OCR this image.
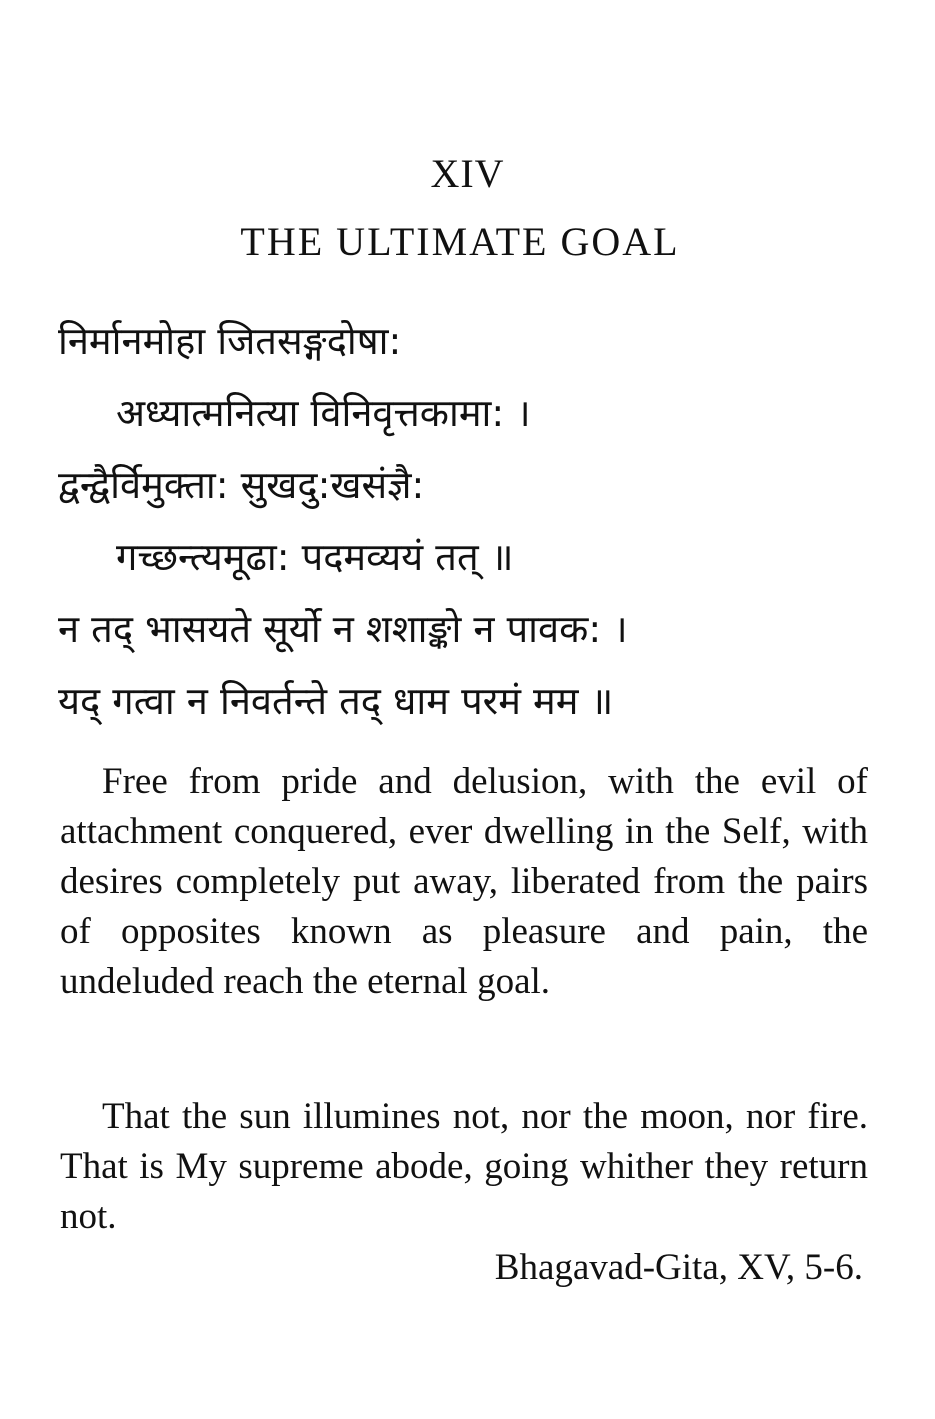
XIV
THE ULTIMATE GOAL
निर्मानमोहा जितसङ्गदोषा:
अध्यात्मनित्या विनिवृत्तकामा: ।
द्वन्द्वैर्विमुक्ता: सुखदु:खसंज्ञै:
गच्छन्त्यमूढा: पदमव्ययं तत् ॥
न तद् भासयते सूर्यो न शशाङ्को न पावक: ।
यद् गत्वा न निवर्तन्ते तद् धाम परमं मम ॥

Free from pride and delusion, with the evil of attachment conquered, ever dwelling in the Self, with desires completely put away, liberated from the pairs of opposites known as pleasure and pain, the undeluded reach the eternal goal.

That the sun illumines not, nor the moon, nor fire. That is My supreme abode, going whither they return not.

Bhagavad-Gita, XV, 5-6.
